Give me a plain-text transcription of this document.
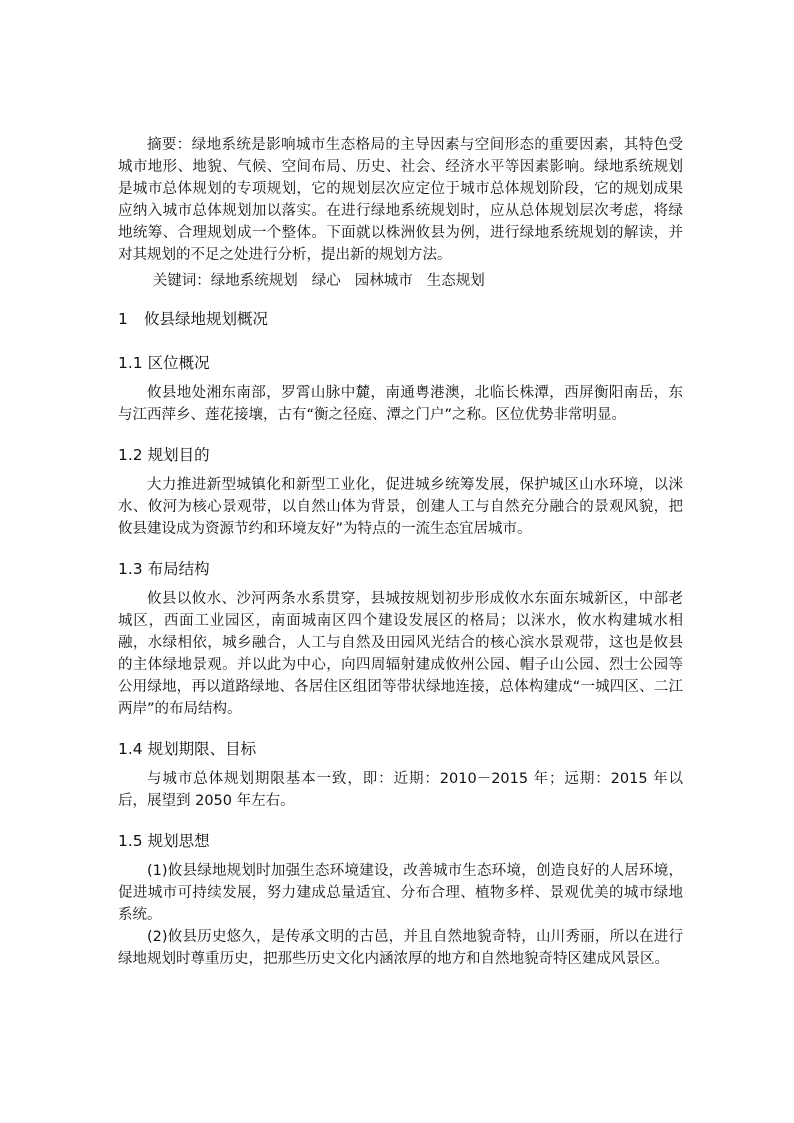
摘要：绿地系统是影响城市生态格局的主导因素与空间形态的重要因素，其特色受城市地形、地貌、气候、空间布局、历史、社会、经济水平等因素影响。绿地系统规划是城市总体规划的专项规划，它的规划层次应定位于城市总体规划阶段，它的规划成果应纳入城市总体规划加以落实。在进行绿地系统规划时，应从总体规划层次考虑，将绿地统筹、合理规划成一个整体。下面就以株洲攸县为例，进行绿地系统规划的解读，并对其规划的不足之处进行分析，提出新的规划方法。

关键词：绿地系统规划 绿心 园林城市 生态规划

1 攸县绿地规划概况
1.1 区位概况

攸县地处湘东南部，罗霄山脉中麓，南通粤港澳，北临长株潭，西屏衡阳南岳，东与江西萍乡、莲花接壤，古有“衡之径庭、潭之门户”之称。区位优势非常明显。

1.2 规划目的

大力推进新型城镇化和新型工业化，促进城乡统筹发展，保护城区山水环境，以洣水、攸河为核心景观带，以自然山体为背景，创建人工与自然充分融合的景观风貌，把攸县建设成为资源节约和环境友好”为特点的一流生态宜居城市。

1.3 布局结构

攸县以攸水、沙河两条水系贯穿，县城按规划初步形成攸水东面东城新区，中部老城区，西面工业园区，南面城南区四个建设发展区的格局；以洣水，攸水构建城水相融，水绿相依，城乡融合，人工与自然及田园风光结合的核心滨水景观带，这也是攸县的主体绿地景观。并以此为中心，向四周辐射建成攸州公园、帽子山公园、烈士公园等公用绿地，再以道路绿地、各居住区组团等带状绿地连接，总体构建成“一城四区、二江两岸”的布局结构。

1.4 规划期限、目标

与城市总体规划期限基本一致，即：近期：2010－2015 年；远期：2015 年以后，展望到 2050 年左右。

1.5 规划思想

(1)攸县绿地规划时加强生态环境建设，改善城市生态环境，创造良好的人居环境，促进城市可持续发展，努力建成总量适宜、分布合理、植物多样、景观优美的城市绿地系统。

(2)攸县历史悠久，是传承文明的古邑，并且自然地貌奇特，山川秀丽，所以在进行绿地规划时尊重历史，把那些历史文化内涵浓厚的地方和自然地貌奇特区建成风景区。
